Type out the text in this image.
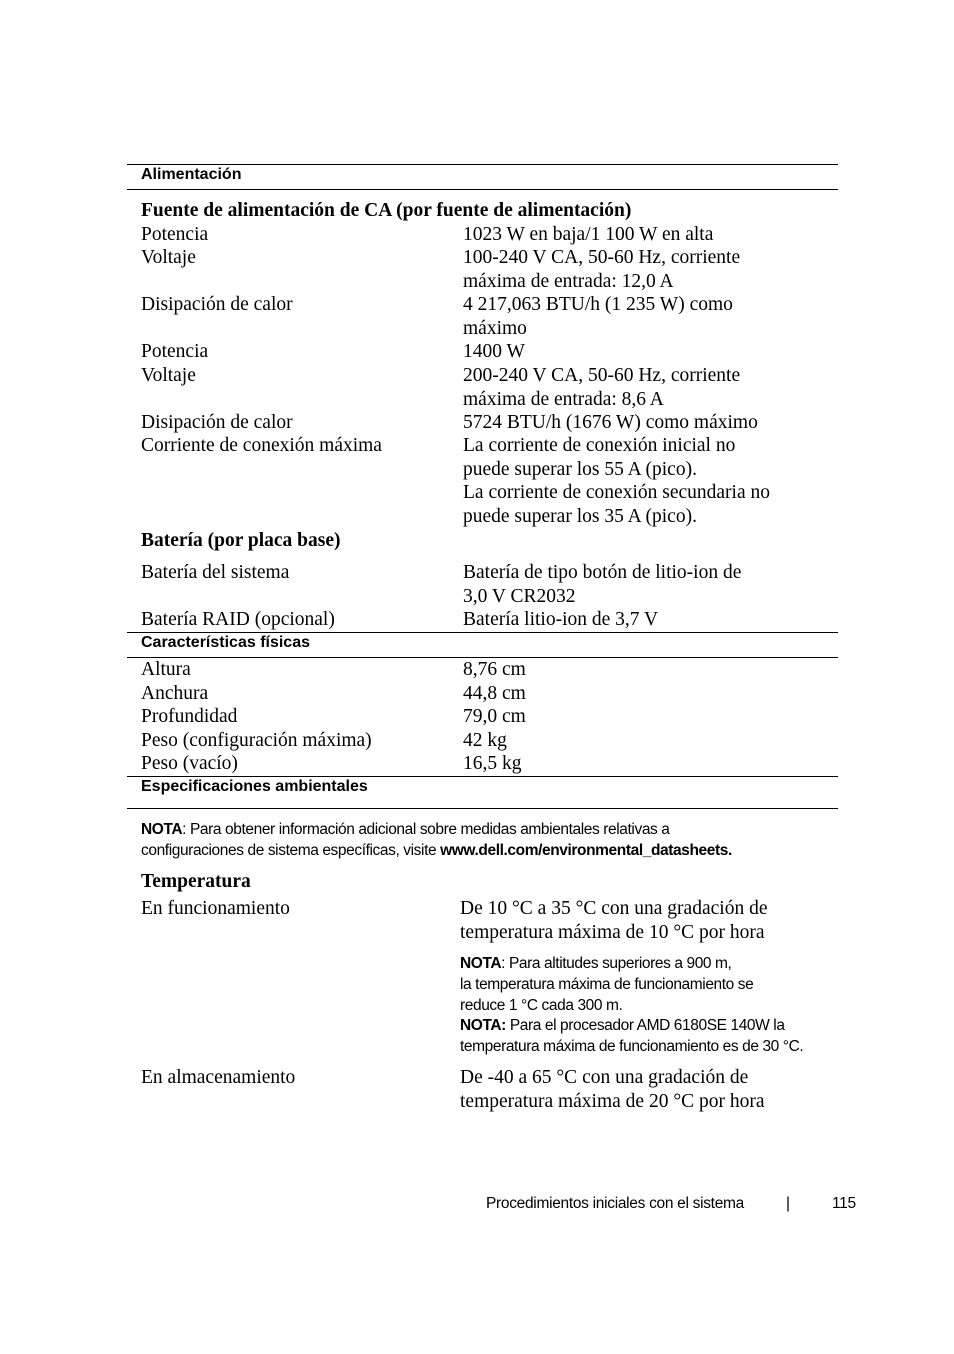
Alimentación
Fuente de alimentación de CA (por fuente de alimentación)
Potencia	1023 W en baja/1 100 W en alta
Voltaje	100-240 V CA, 50-60 Hz, corriente
máxima de entrada: 12,0 A
Disipación de calor	4 217,063 BTU/h (1 235 W) como
máximo
Potencia	1400 W
Voltaje	200-240 V CA, 50-60 Hz, corriente
máxima de entrada: 8,6 A
Disipación de calor	5724 BTU/h (1676 W) como máximo
Corriente de conexión máxima	La corriente de conexión inicial no
puede superar los 55 A (pico).
La corriente de conexión secundaria no
puede superar los 35 A (pico).
Batería (por placa base)
Batería del sistema	Batería de tipo botón de litio-ion de
3,0 V CR2032
Batería RAID (opcional)	Batería litio-ion de 3,7 V
Características físicas
Altura	8,76 cm
Anchura	44,8 cm
Profundidad	79,0 cm
Peso (configuración máxima)	42 kg
Peso (vacío)	16,5 kg
Especificaciones ambientales
NOTA: Para obtener información adicional sobre medidas ambientales relativas a
configuraciones de sistema específicas, visite www.dell.com/environmental_datasheets.
Temperatura
En funcionamiento	De 10 °C a 35 °C con una gradación de
temperatura máxima de 10 °C por hora
NOTA: Para altitudes superiores a 900 m,
la temperatura máxima de funcionamiento se
reduce 1 °C cada 300 m.
NOTA: Para el procesador AMD 6180SE 140W la
temperatura máxima de funcionamiento es de 30 °C.
En almacenamiento	De -40 a 65 °C con una gradación de
temperatura máxima de 20 °C por hora
Procedimientos iniciales con el sistema	|	115
